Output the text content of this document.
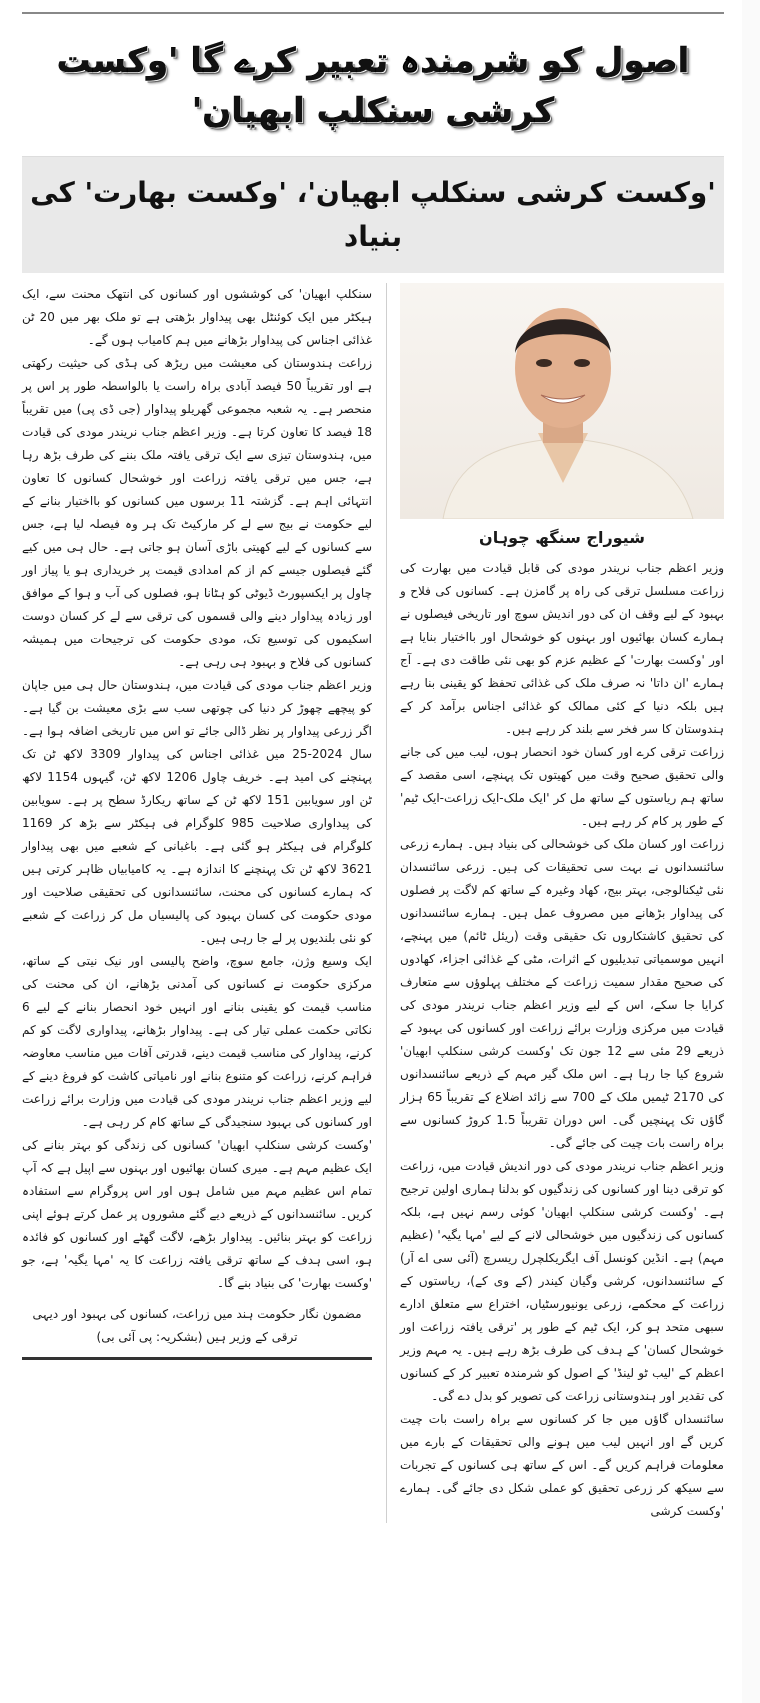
اصول کو شرمندہ تعبیر کرے گا 'وکست کرشی سنکلپ ابھیان'
'وکست کرشی سنکلپ ابھیان'، 'وکست بھارت' کی بنیاد

سنکلپ ابھیان' کی کوششوں اور کسانوں کی انتھک محنت سے، ایک ہیکٹر میں ایک کوئنٹل بھی پیداوار بڑھتی ہے تو ملک بھر میں 20 ٹن غذائی اجناس کی پیداوار بڑھانے میں ہم کامیاب ہوں گے۔

زراعت ہندوستان کی معیشت میں ریڑھ کی ہڈی کی حیثیت رکھتی ہے اور تقریباً 50 فیصد آبادی براہ راست یا بالواسطہ طور پر اس پر منحصر ہے۔ یہ شعبہ مجموعی گھریلو پیداوار (جی ڈی پی) میں تقریباً 18 فیصد کا تعاون کرتا ہے۔ وزیر اعظم جناب نریندر مودی کی قیادت میں، ہندوستان تیزی سے ایک ترقی یافتہ ملک بننے کی طرف بڑھ رہا ہے، جس میں ترقی یافتہ زراعت اور خوشحال کسانوں کا تعاون انتہائی اہم ہے۔ گزشتہ 11 برسوں میں کسانوں کو بااختیار بنانے کے لیے حکومت نے بیج سے لے کر مارکیٹ تک ہر وہ فیصلہ لیا ہے، جس سے کسانوں کے لیے کھیتی باڑی آسان ہو جاتی ہے۔ حال ہی میں کیے گئے فیصلوں جیسے کم از کم امدادی قیمت پر خریداری ہو یا پیاز اور چاول پر ایکسپورٹ ڈیوٹی کو ہٹانا ہو، فصلوں کی آب و ہوا کے موافق اور زیادہ پیداوار دینے والی قسموں کی ترقی سے لے کر کسان دوست اسکیموں کی توسیع تک، مودی حکومت کی ترجیحات میں ہمیشہ کسانوں کی فلاح و بہبود ہی رہی ہے۔

وزیر اعظم جناب مودی کی قیادت میں، ہندوستان حال ہی میں جاپان کو پیچھے چھوڑ کر دنیا کی چوتھی سب سے بڑی معیشت بن گیا ہے۔ اگر زرعی پیداوار پر نظر ڈالی جائے تو اس میں تاریخی اضافہ ہوا ہے۔ سال 2024-25 میں غذائی اجناس کی پیداوار 3309 لاکھ ٹن تک پہنچنے کی امید ہے۔ خریف چاول 1206 لاکھ ٹن، گیہوں 1154 لاکھ ٹن اور سویابین 151 لاکھ ٹن کے ساتھ ریکارڈ سطح پر ہے۔ سویابین کی پیداواری صلاحیت 985 کلوگرام فی ہیکٹر سے بڑھ کر 1169 کلوگرام فی ہیکٹر ہو گئی ہے۔ باغبانی کے شعبے میں بھی پیداوار 3621 لاکھ ٹن تک پہنچنے کا اندازہ ہے۔ یہ کامیابیاں ظاہر کرتی ہیں کہ ہمارے کسانوں کی محنت، سائنسدانوں کی تحقیقی صلاحیت اور مودی حکومت کی کسان بہبود کی پالیسیاں مل کر زراعت کے شعبے کو نئی بلندیوں پر لے جا رہی ہیں۔

ایک وسیع وژن، جامع سوچ، واضح پالیسی اور نیک نیتی کے ساتھ، مرکزی حکومت نے کسانوں کی آمدنی بڑھانے، ان کی محنت کی مناسب قیمت کو یقینی بنانے اور انہیں خود انحصار بنانے کے لیے 6 نکاتی حکمت عملی تیار کی ہے۔ پیداوار بڑھانے، پیداواری لاگت کو کم کرنے، پیداوار کی مناسب قیمت دینے، قدرتی آفات میں مناسب معاوضہ فراہم کرنے، زراعت کو متنوع بنانے اور نامیاتی کاشت کو فروغ دینے کے لیے وزیر اعظم جناب نریندر مودی کی قیادت میں وزارت برائے زراعت اور کسانوں کی بہبود سنجیدگی کے ساتھ کام کر رہی ہے۔

'وکست کرشی سنکلپ ابھیان' کسانوں کی زندگی کو بہتر بنانے کی ایک عظیم مہم ہے۔ میری کسان بھائیوں اور بہنوں سے اپیل ہے کہ آپ تمام اس عظیم مہم میں شامل ہوں اور اس پروگرام سے استفادہ کریں۔ سائنسدانوں کے ذریعے دیے گئے مشوروں پر عمل کرتے ہوئے اپنی زراعت کو بہتر بنائیں۔ پیداوار بڑھے، لاگت گھٹے اور کسانوں کو فائدہ ہو، اسی ہدف کے ساتھ ترقی یافتہ زراعت کا یہ 'مہا یگیہ' ہے، جو 'وکست بھارت' کی بنیاد بنے گا۔

مضمون نگار حکومت ہند میں زراعت، کسانوں کی بہبود اور دیہی ترقی کے وزیر ہیں (بشکریہ: پی آئی بی)
شیوراج سنگھ چوہان

وزیر اعظم جناب نریندر مودی کی قابل قیادت میں بھارت کی زراعت مسلسل ترقی کی راہ پر گامزن ہے۔ کسانوں کی فلاح و بہبود کے لیے وقف ان کی دور اندیش سوچ اور تاریخی فیصلوں نے ہمارے کسان بھائیوں اور بہنوں کو خوشحال اور بااختیار بنایا ہے اور 'وکست بھارت' کے عظیم عزم کو بھی نئی طاقت دی ہے۔ آج ہمارے 'ان داتا' نہ صرف ملک کی غذائی تحفظ کو یقینی بنا رہے ہیں بلکہ دنیا کے کئی ممالک کو غذائی اجناس برآمد کر کے ہندوستان کا سر فخر سے بلند کر رہے ہیں۔

زراعت ترقی کرے اور کسان خود انحصار ہوں، لیب میں کی جانے والی تحقیق صحیح وقت میں کھیتوں تک پہنچے، اسی مقصد کے ساتھ ہم ریاستوں کے ساتھ مل کر 'ایک ملک-ایک زراعت-ایک ٹیم' کے طور پر کام کر رہے ہیں۔

زراعت اور کسان ملک کی خوشحالی کی بنیاد ہیں۔ ہمارے زرعی سائنسدانوں نے بہت سی تحقیقات کی ہیں۔ زرعی سائنسدان نئی ٹیکنالوجی، بہتر بیج، کھاد وغیرہ کے ساتھ کم لاگت پر فصلوں کی پیداوار بڑھانے میں مصروف عمل ہیں۔ ہمارے سائنسدانوں کی تحقیق کاشتکاروں تک حقیقی وقت (ریئل ٹائم) میں پہنچے، انہیں موسمیاتی تبدیلیوں کے اثرات، مٹی کے غذائی اجزاء، کھادوں کی صحیح مقدار سمیت زراعت کے مختلف پہلوؤں سے متعارف کرایا جا سکے، اس کے لیے وزیر اعظم جناب نریندر مودی کی قیادت میں مرکزی وزارت برائے زراعت اور کسانوں کی بہبود کے ذریعے 29 مئی سے 12 جون تک 'وکست کرشی سنکلپ ابھیان' شروع کیا جا رہا ہے۔ اس ملک گیر مہم کے ذریعے سائنسدانوں کی 2170 ٹیمیں ملک کے 700 سے زائد اضلاع کے تقریباً 65 ہزار گاؤں تک پہنچیں گی۔ اس دوران تقریباً 1.5 کروڑ کسانوں سے براہ راست بات چیت کی جائے گی۔

وزیر اعظم جناب نریندر مودی کی دور اندیش قیادت میں، زراعت کو ترقی دینا اور کسانوں کی زندگیوں کو بدلنا ہماری اولین ترجیح ہے۔ 'وکست کرشی سنکلپ ابھیان' کوئی رسم نہیں ہے، بلکہ کسانوں کی زندگیوں میں خوشحالی لانے کے لیے 'مہا یگیہ' (عظیم مہم) ہے۔ انڈین کونسل آف ایگریکلچرل ریسرچ (آئی سی اے آر) کے سائنسدانوں، کرشی وگیان کیندر (کے وی کے)، ریاستوں کے زراعت کے محکمے، زرعی یونیورسٹیاں، اختراع سے متعلق ادارے سبھی متحد ہو کر، ایک ٹیم کے طور پر 'ترقی یافتہ زراعت اور خوشحال کسان' کے ہدف کی طرف بڑھ رہے ہیں۔ یہ مہم وزیر اعظم کے 'لیب ٹو لینڈ' کے اصول کو شرمندہ تعبیر کر کے کسانوں کی تقدیر اور ہندوستانی زراعت کی تصویر کو بدل دے گی۔

سائنسداں گاؤں میں جا کر کسانوں سے براہ راست بات چیت کریں گے اور انہیں لیب میں ہونے والی تحقیقات کے بارے میں معلومات فراہم کریں گے۔ اس کے ساتھ ہی کسانوں کے تجربات سے سیکھ کر زرعی تحقیق کو عملی شکل دی جائے گی۔ ہمارے 'وکست کرشی
